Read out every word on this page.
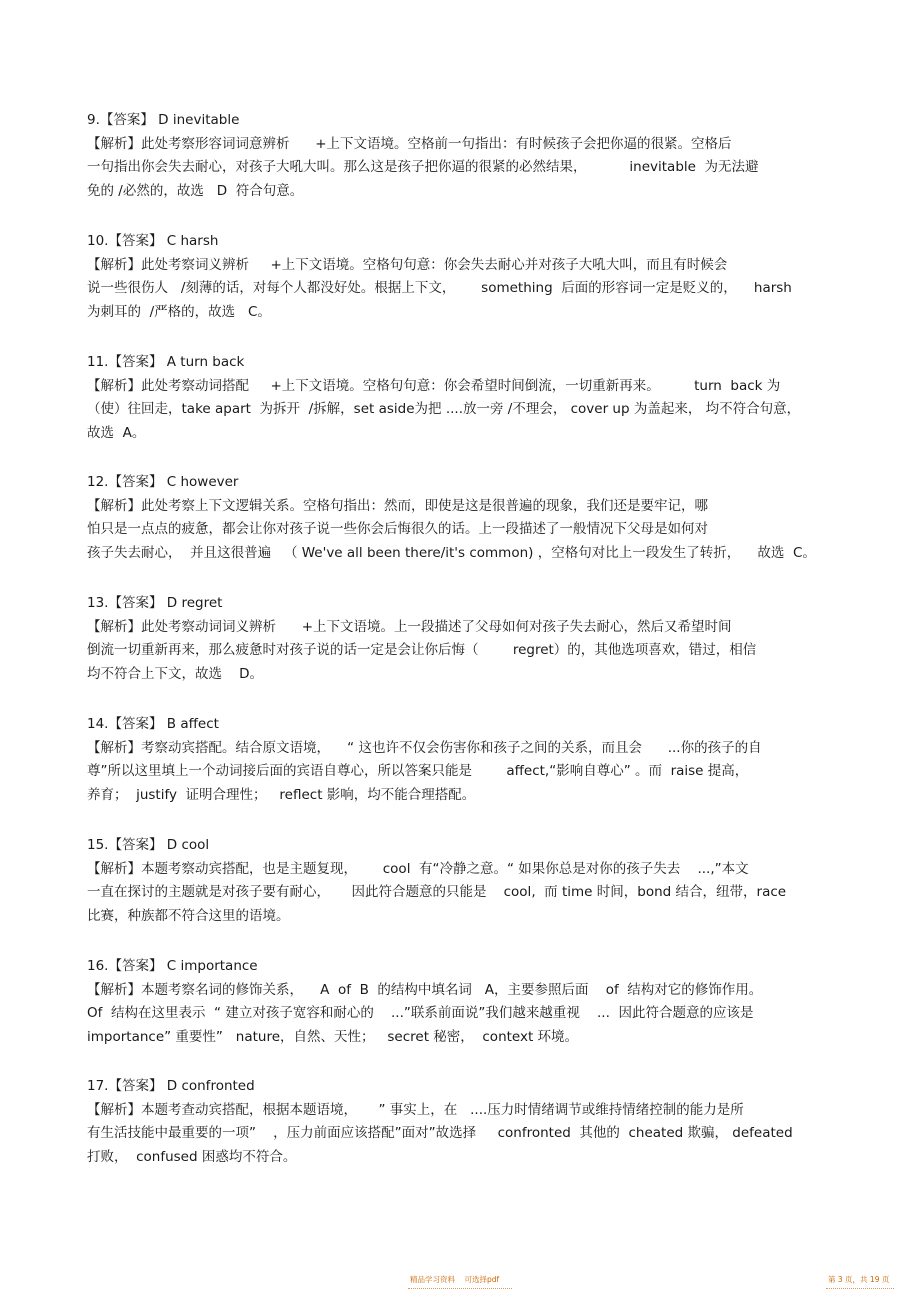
9.【答案】 D inevitable
【解析】此处考察形容词词意辨析      +上下文语境。空格前一句指出：有时候孩子会把你逼的很紧。空格后
一句指出你会失去耐心，对孩子大吼大叫。那么这是孩子把你逼的很紧的必然结果，          inevitable  为无法避
免的 /必然的，故选   D  符合句意。
10.【答案】 C harsh
【解析】此处考察词义辨析     +上下文语境。空格句句意：你会失去耐心并对孩子大吼大叫，而且有时候会
说一些很伤人   /刻薄的话，对每个人都没好处。根据上下文，      something  后面的形容词一定是贬义的，    harsh
为刺耳的  /严格的，故选   C。
11.【答案】 A turn back
【解析】此处考察动词搭配     +上下文语境。空格句句意：你会希望时间倒流，一切重新再来。        turn  back 为
（使）往回走，take apart  为拆开  /拆解，set aside为把 ....放一旁 /不理会， cover up 为盖起来， 均不符合句意，
故选  A。
12.【答案】 C however
【解析】此处考察上下文逻辑关系。空格句指出：然而，即使是这是很普遍的现象，我们还是要牢记，哪
怕只是一点点的疲惫，都会让你对孩子说一些你会后悔很久的话。上一段描述了一般情况下父母是如何对
孩子失去耐心，  并且这很普遍   （ We've all been there/it's common) ，空格句对比上一段发生了转折，    故选  C。
13.【答案】 D regret
【解析】此处考察动词词义辨析      +上下文语境。上一段描述了父母如何对孩子失去耐心，然后又希望时间
倒流一切重新再来，那么疲惫时对孩子说的话一定是会让你后悔（        regret）的，其他选项喜欢，错过，相信
均不符合上下文，故选    D。
14.【答案】 B affect
【解析】考察动宾搭配。结合原文语境，    “ 这也许不仅会伤害你和孩子之间的关系，而且会      ...你的孩子的自
尊”所以这里填上一个动词接后面的宾语自尊心，所以答案只能是        affect,“影响自尊心” 。而  raise 提高，
养育；  justify  证明合理性；   reflect 影响，均不能合理搭配。
15.【答案】 D cool
【解析】本题考察动宾搭配，也是主题复现，      cool  有“冷静之意。“ 如果你总是对你的孩子失去    ...,”本文
一直在探讨的主题就是对孩子要有耐心，     因此符合题意的只能是    cool,  而 time 时间，bond 结合，纽带，race
比赛，种族都不符合这里的语境。
16.【答案】 C importance
【解析】本题考察名词的修饰关系，    A  of  B  的结构中填名词   A，主要参照后面    of  结构对它的修饰作用。
Of  结构在这里表示  “ 建立对孩子宽容和耐心的    ...”联系前面说”我们越来越重视    ...  因此符合题意的应该是
importance” 重要性”   nature，自然、天性；   secret 秘密，  context 环境。
17.【答案】 D confronted
【解析】本题考查动宾搭配，根据本题语境，     ” 事实上，在   ....压力时情绪调节或维持情绪控制的能力是所
有生活技能中最重要的一项”    ，压力前面应该搭配”面对”故选择     confronted  其他的  cheated 欺骗， defeated
打败，  confused 困惑均不符合。
精品学习资料    可选择pdf	第 3 页，共 19 页
